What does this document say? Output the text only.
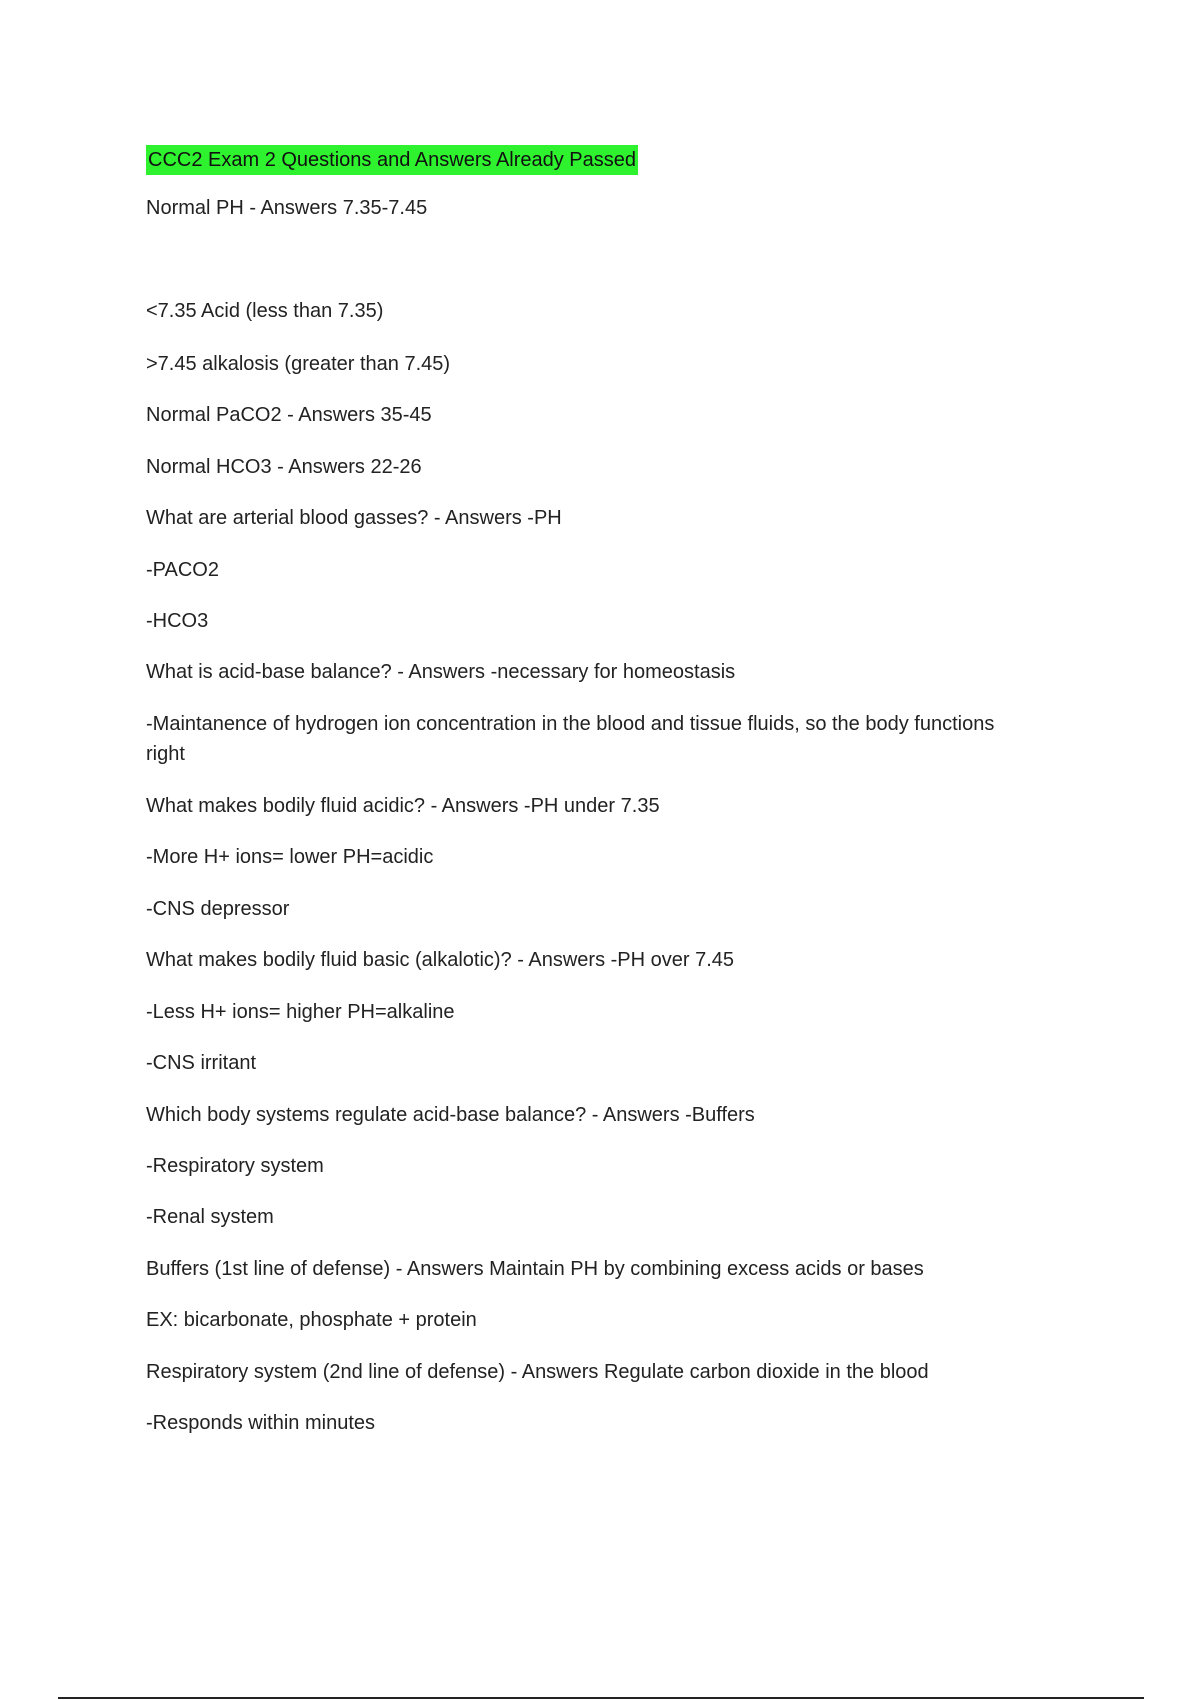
CCC2 Exam 2 Questions and Answers Already Passed
Normal PH - Answers 7.35-7.45
<7.35 Acid (less than 7.35)
>7.45 alkalosis (greater than 7.45)
Normal PaCO2 - Answers 35-45
Normal HCO3 - Answers 22-26
What are arterial blood gasses? - Answers -PH
-PACO2
-HCO3
What is acid-base balance? - Answers -necessary for homeostasis
-Maintanence of hydrogen ion concentration in the blood and tissue fluids, so the body functions right
What makes bodily fluid acidic? - Answers -PH under 7.35
-More H+ ions= lower PH=acidic
-CNS depressor
What makes bodily fluid basic (alkalotic)? - Answers -PH over 7.45
-Less H+ ions= higher PH=alkaline
-CNS irritant
Which body systems regulate acid-base balance? - Answers -Buffers
-Respiratory system
-Renal system
Buffers (1st line of defense) - Answers Maintain PH by combining excess acids or bases
EX: bicarbonate, phosphate + protein
Respiratory system (2nd line of defense) - Answers Regulate carbon dioxide in the blood
-Responds within minutes
